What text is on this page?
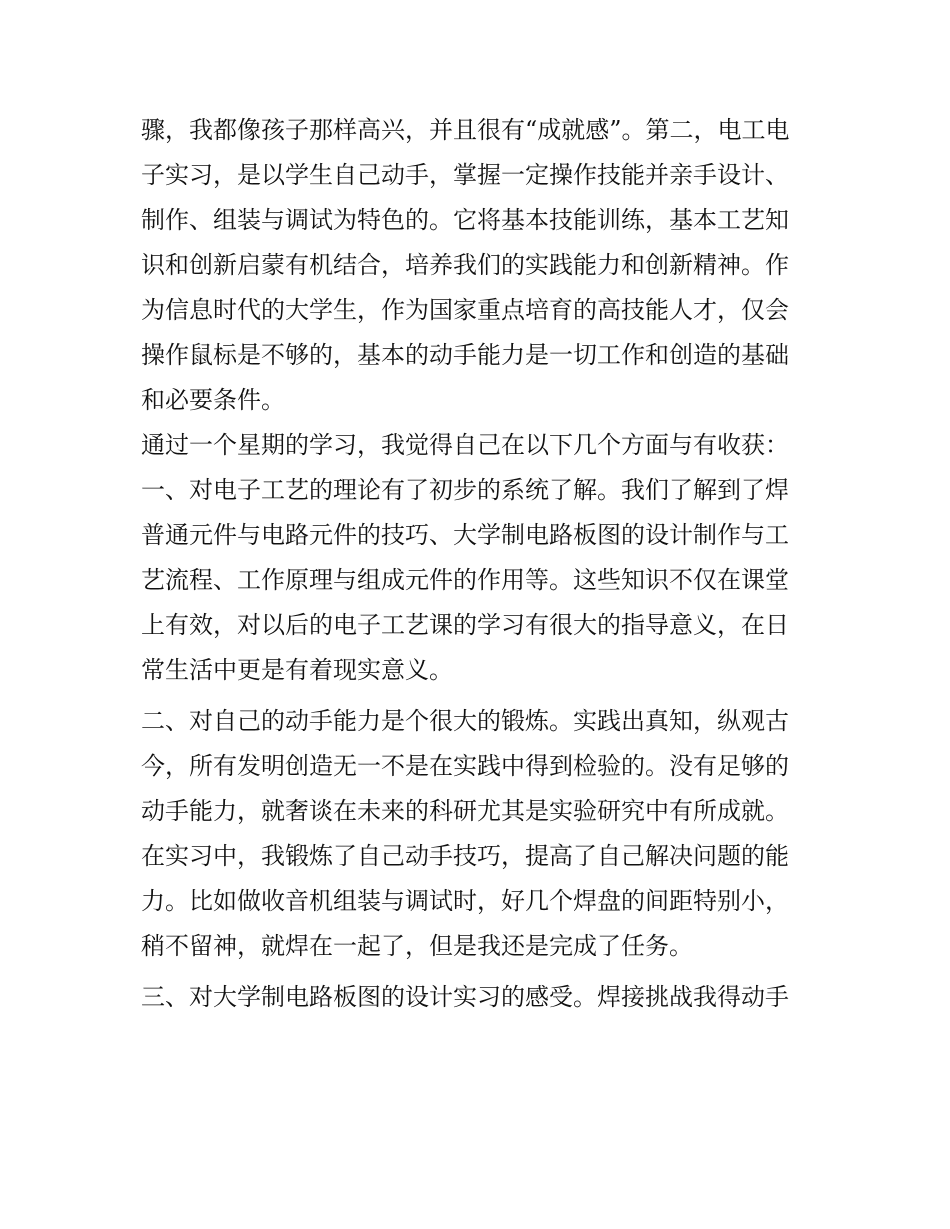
骤，我都像孩子那样高兴，并且很有“成就感”。第二，电工电
子实习，是以学生自己动手，掌握一定操作技能并亲手设计、
制作、组装与调试为特色的。它将基本技能训练，基本工艺知
识和创新启蒙有机结合，培养我们的实践能力和创新精神。作
为信息时代的大学生，作为国家重点培育的高技能人才，仅会
操作鼠标是不够的，基本的动手能力是一切工作和创造的基础
和必要条件。
通过一个星期的学习，我觉得自己在以下几个方面与有收获：
一、对电子工艺的理论有了初步的系统了解。我们了解到了焊
普通元件与电路元件的技巧、大学制电路板图的设计制作与工
艺流程、工作原理与组成元件的作用等。这些知识不仅在课堂
上有效，对以后的电子工艺课的学习有很大的指导意义，在日
常生活中更是有着现实意义。
二、对自己的动手能力是个很大的锻炼。实践出真知，纵观古
今，所有发明创造无一不是在实践中得到检验的。没有足够的
动手能力，就奢谈在未来的科研尤其是实验研究中有所成就。
在实习中，我锻炼了自己动手技巧，提高了自己解决问题的能
力。比如做收音机组装与调试时，好几个焊盘的间距特别小，
稍不留神，就焊在一起了，但是我还是完成了任务。
三、对大学制电路板图的设计实习的感受。焊接挑战我得动手
